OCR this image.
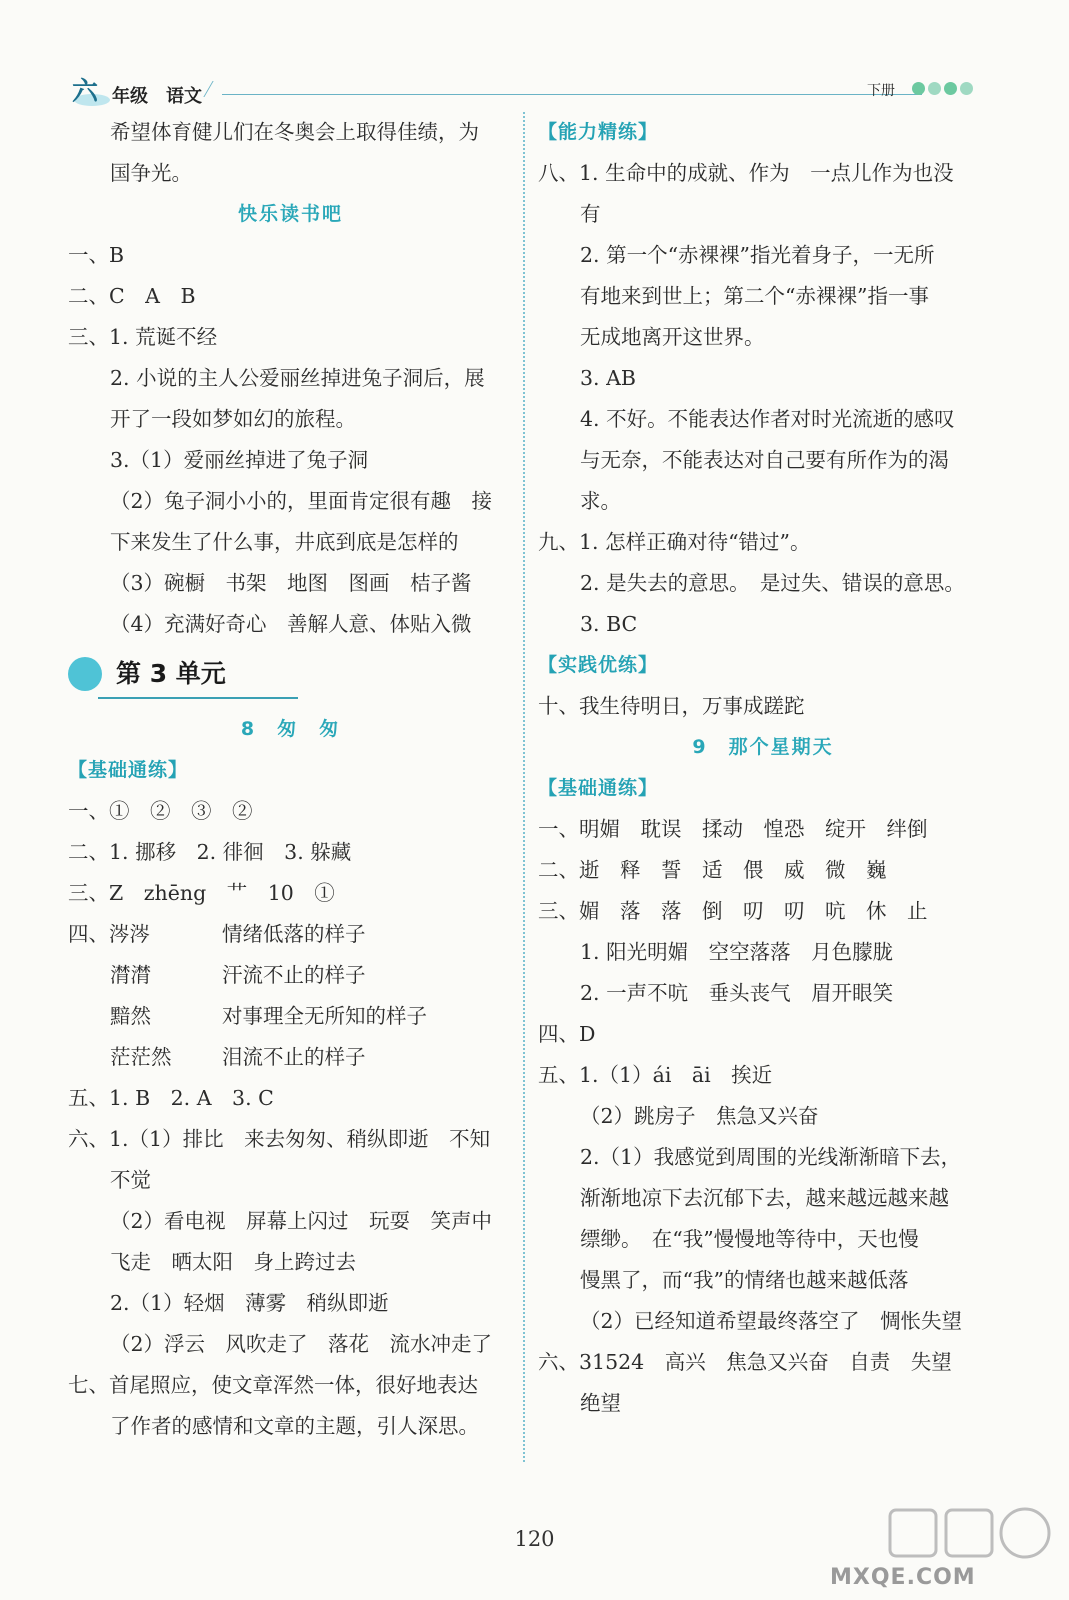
六 年级 语文	下册
希望体育健儿们在冬奥会上取得佳绩，为
国争光。
快乐读书吧
一、B
二、C　A　B
三、1. 荒诞不经
2. 小说的主人公爱丽丝掉进兔子洞后，展
开了一段如梦如幻的旅程。
3.（1）爱丽丝掉进了兔子洞
（2）兔子洞小小的，里面肯定很有趣　接
下来发生了什么事，井底到底是怎样的
（3）碗橱　书架　地图　图画　桔子酱
（4）充满好奇心　善解人意、体贴入微
第 3 单元
8　匆　匆
【基础通练】
一、①　②　③　②
二、1. 挪移　2. 徘徊　3. 躲藏
三、Z　zhēng　艹　10　①
四、涔涔	情绪低落的样子
潸潸	汗流不止的样子
黯然	对事理全无所知的样子
茫茫然 泪流不止的样子
五、1. B　2. A　3. C
六、1.（1）排比　来去匆匆、稍纵即逝　不知
不觉
（2）看电视　屏幕上闪过　玩耍　笑声中
飞走　晒太阳　身上跨过去
2.（1）轻烟　薄雾　稍纵即逝
（2）浮云　风吹走了　落花　流水冲走了
七、首尾照应，使文章浑然一体，很好地表达
了作者的感情和文章的主题，引人深思。
【能力精练】
八、1. 生命中的成就、作为　一点儿作为也没
有
2. 第一个“赤裸裸”指光着身子，一无所
有地来到世上；第二个“赤裸裸”指一事
无成地离开这世界。
3. AB
4. 不好。不能表达作者对时光流逝的感叹
与无奈，不能表达对自己要有所作为的渴
求。
九、1. 怎样正确对待“错过”。
2. 是失去的意思。　是过失、错误的意思。
3. BC
【实践优练】
十、我生待明日，万事成蹉跎
9　那个星期天
【基础通练】
一、明媚　耽误　揉动　惶恐　绽开　绊倒
二、逝　释　誓　适　偎　威　微　巍
三、媚　落　落　倒　叨　叨　吭　休　止
1. 阳光明媚　空空落落　月色朦胧
2. 一声不吭　垂头丧气　眉开眼笑
四、D
五、1.（1）ái　āi　挨近
（2）跳房子　焦急又兴奋
2.（1）我感觉到周围的光线渐渐暗下去，
渐渐地凉下去沉郁下去，越来越远越来越
缥缈。　在“我”慢慢地等待中，天也慢
慢黑了，而“我”的情绪也越来越低落
（2）已经知道希望最终落空了　惆怅失望
六、31524　高兴　焦急又兴奋　自责　失望
绝望
120
MXQE.COM
